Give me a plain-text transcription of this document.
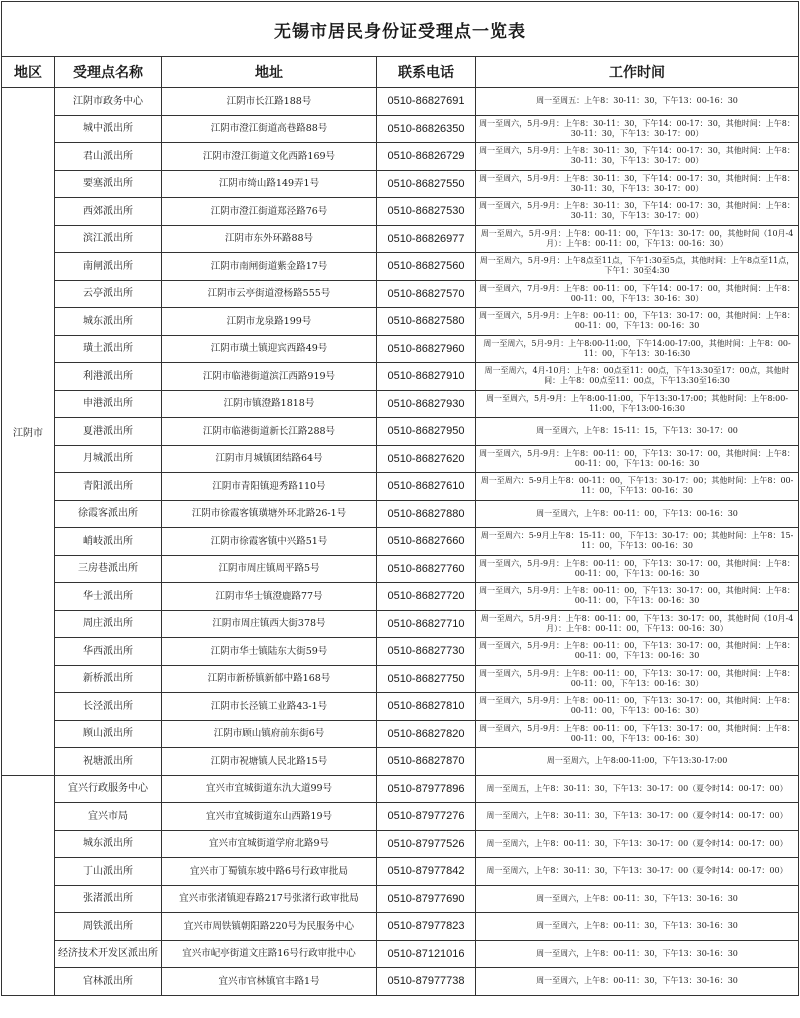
无锡市居民身份证受理点一览表				
地区	受理点名称	地址	联系电话	工作时间
江阴市	江阴市政务中心	江阴市长江路188号	0510-86827691	周一至周五：上午8：30-11：30，下午13：00-16：30
	城中派出所	江阴市澄江街道高巷路88号	0510-86826350	周一至周六，5月-9月：上午8：30-11：30，下午14：00-17：30，其他时间：上午8：30-11：30，下午13：30-17：00）
	君山派出所	江阴市澄江街道文化西路169号	0510-86826729	周一至周六，5月-9月：上午8：30-11：30，下午14：00-17：30，其他时间：上午8：30-11：30，下午13：30-17：00）
	要塞派出所	江阴市绮山路149弄1号	0510-86827550	周一至周六，5月-9月：上午8：30-11：30，下午14：00-17：30，其他时间：上午8：30-11：30，下午13：30-17：00）
	西郊派出所	江阴市澄江街道郑泾路76号	0510-86827530	周一至周六，5月-9月：上午8：30-11：30，下午14：00-17：30，其他时间：上午8：30-11：30，下午13：30-17：00）
	滨江派出所	江阴市东外环路88号	0510-86826977	周一至周六，5月-9月：上午8：00-11：00，下午13：30-17：00，其他时间（10月-4月）：上午8：00-11：00，下午13：00-16：30）
	南闸派出所	江阴市南闸街道紫金路17号	0510-86827560	周一至周六，5月-9月：上午8点至11点，下午1:30至5点，其他时间：上午8点至11点，下午1：30至4:30
	云亭派出所	江阴市云亭街道澄杨路555号	0510-86827570	周一至周六，7月-9月：上午8：00-11：00，下午14：00-17：00，其他时间：上午8：00-11：00，下午13：30-16：30）
	城东派出所	江阴市龙泉路199号	0510-86827580	周一至周六，5月-9月：上午8：00-11：00，下午13：30-17：00，其他时间：上午8：00-11：00，下午13：00-16：30
	璜土派出所	江阴市璜土镇迎宾西路49号	0510-86827960	周一至周六，5月-9月：上午8:00-11:00，下午14:00-17:00，其他时间：上午8：00-11：00，下午13：30-16:30
	利港派出所	江阴市临港街道滨江西路919号	0510-86827910	周一至周六，4月-10月：上午8：00点至11：00点，下午13:30至17：00点，其他时间：上午8：00点至11：00点，下午13:30至16:30
	申港派出所	江阴市镇澄路1818号	0510-86827930	周一至周六，5月-9月：上午8:00-11:00，下午13:30-17:00；其他时间：上午8:00-11:00，下午13:00-16:30
	夏港派出所	江阴市临港街道新长江路288号	0510-86827950	周一至周六，上午8：15-11：15，下午13：30-17：00
	月城派出所	江阴市月城镇团结路64号	0510-86827620	周一至周六，5月-9月：上午8：00-11：00，下午13：30-17：00，其他时间：上午8：00-11：00，下午13：00-16：30
	青阳派出所	江阴市青阳镇迎秀路110号	0510-86827610	周一至周六：5-9月上午8：00-11：00，下午13：30-17：00；其他时间：上午8：00-11：00，下午13：00-16：30
	徐霞客派出所	江阴市徐霞客镇璜塘外环北路26-1号	0510-86827880	周一至周六，上午8：00-11：00，下午13：00-16：30
	峭岐派出所	江阴市徐霞客镇中兴路51号	0510-86827660	周一至周六：5-9月上午8：15-11：00，下午13：30-17：00；其他时间：上午8：15-11：00，下午13：00-16：30
	三房巷派出所	江阴市周庄镇周平路5号	0510-86827760	周一至周六，5月-9月：上午8：00-11：00，下午13：30-17：00，其他时间：上午8：00-11：00，下午13：00-16：30
	华士派出所	江阴市华士镇澄鹿路77号	0510-86827720	周一至周六，5月-9月：上午8：00-11：00，下午13：30-17：00，其他时间：上午8：00-11：00，下午13：00-16：30
	周庄派出所	江阴市周庄镇西大街378号	0510-86827710	周一至周六，5月-9月：上午8：00-11：00，下午13：30-17：00，其他时间（10月-4月）：上午8：00-11：00，下午13：00-16：30）
	华西派出所	江阴市华士镇陆东大街59号	0510-86827730	周一至周六，5月-9月：上午8：00-11：00，下午13：30-17：00，其他时间：上午8：00-11：00，下午13：00-16：30
	新桥派出所	江阴市新桥镇新郁中路168号	0510-86827750	周一至周六，5月-9月：上午8：00-11：00，下午13：30-17：00，其他时间：上午8：00-11：00，下午13：00-16：30）
	长泾派出所	江阴市长泾镇工业路43-1号	0510-86827810	周一至周六，5月-9月：上午8：00-11：00，下午13：30-17：00，其他时间：上午8：00-11：00，下午13：00-16：30）
	顾山派出所	江阴市顾山镇府前东街6号	0510-86827820	周一至周六，5月-9月：上午8：00-11：00，下午13：30-17：00，其他时间：上午8：00-11：00，下午13：00-16：30）
	祝塘派出所	江阴市祝塘镇人民北路15号	0510-86827870	周一至周六，上午8:00-11:00，下午13:30-17:00
	宜兴行政服务中心	宜兴市宜城街道东氿大道99号	0510-87977896	周一至周五，上午8：30-11：30，下午13：30-17：00（夏令时14：00-17：00）
	宜兴市局	宜兴市宜城街道东山西路19号	0510-87977276	周一至周六，上午8：30-11：30，下午13：30-17：00（夏令时14：00-17：00）
	城东派出所	宜兴市宜城街道学府北路9号	0510-87977526	周一至周六，上午8：00-11：30，下午13：30-17：00（夏令时14：00-17：00）
	丁山派出所	宜兴市丁蜀镇东坡中路6号行政审批局	0510-87977842	周一至周六，上午8：30-11：30，下午13：30-17：00（夏令时14：00-17：00）
	张渚派出所	宜兴市张渚镇迎春路217号张渚行政审批局	0510-87977690	周一至周六，上午8：00-11：30，下午13：30-16：30
	周铁派出所	宜兴市周铁镇朝阳路220号为民服务中心	0510-87977823	周一至周六，上午8：00-11：30，下午13：30-16：30
	经济技术开发区派出所	宜兴市屺亭街道文庄路16号行政审批中心	0510-87121016	周一至周六，上午8：00-11：30，下午13：30-16：30
	官林派出所	宜兴市官林镇官丰路1号	0510-87977738	周一至周六，上午8：00-11：30，下午13：30-16：30
